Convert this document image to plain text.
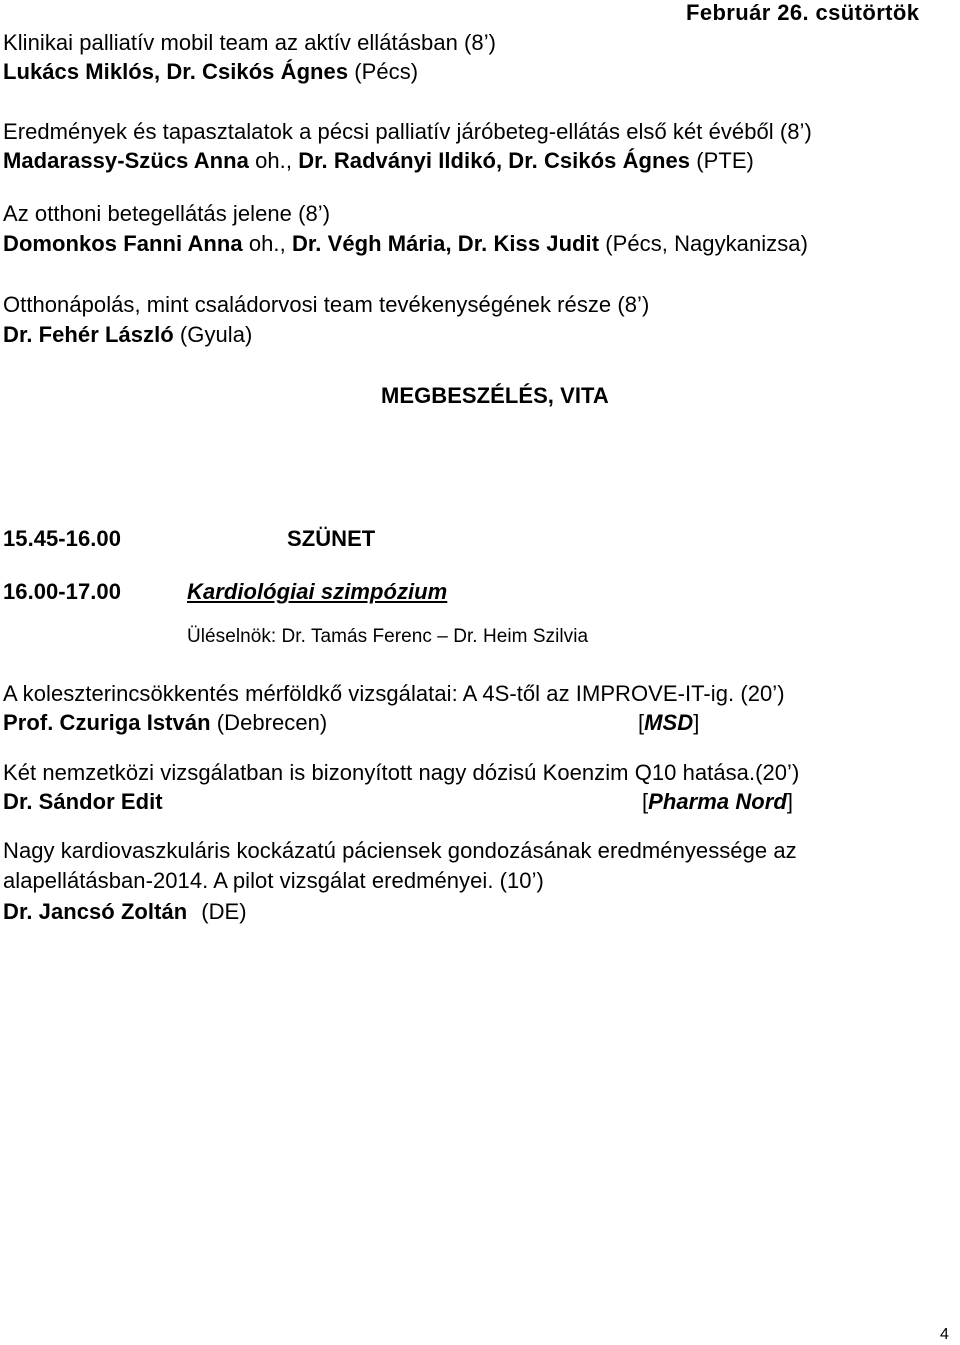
Február 26. csütörtök
Klinikai palliatív mobil team az aktív ellátásban (8’)
Lukács Miklós, Dr. Csikós Ágnes (Pécs)
Eredmények és tapasztalatok a pécsi palliatív járóbeteg-ellátás első két évéből (8’)
Madarassy-Szücs Anna oh., Dr. Radványi Ildikó, Dr. Csikós Ágnes (PTE)
Az otthoni betegellátás jelene (8’)
Domonkos Fanni Anna oh., Dr. Végh Mária, Dr. Kiss Judit (Pécs, Nagykanizsa)
Otthonápolás, mint családorvosi team tevékenységének része (8’)
Dr. Fehér László (Gyula)
MEGBESZÉLÉS, VITA
15.45-16.00	SZÜNET
16.00-17.00	Kardiológiai szimpózium
Üléselnök: Dr. Tamás Ferenc – Dr. Heim Szilvia
A koleszterincsökkentés mérföldkő vizsgálatai: A 4S-től az IMPROVE-IT-ig. (20’)
Prof. Czuriga István (Debrecen)	[MSD]
Két nemzetközi vizsgálatban is bizonyított nagy dózisú Koenzim Q10 hatása.(20’)
Dr. Sándor Edit	[Pharma Nord]
Nagy kardiovaszkuláris kockázatú páciensek gondozásának eredményessége az
alapellátásban-2014. A pilot vizsgálat eredményei. (10’)
Dr. Jancsó Zoltán (DE)
4
